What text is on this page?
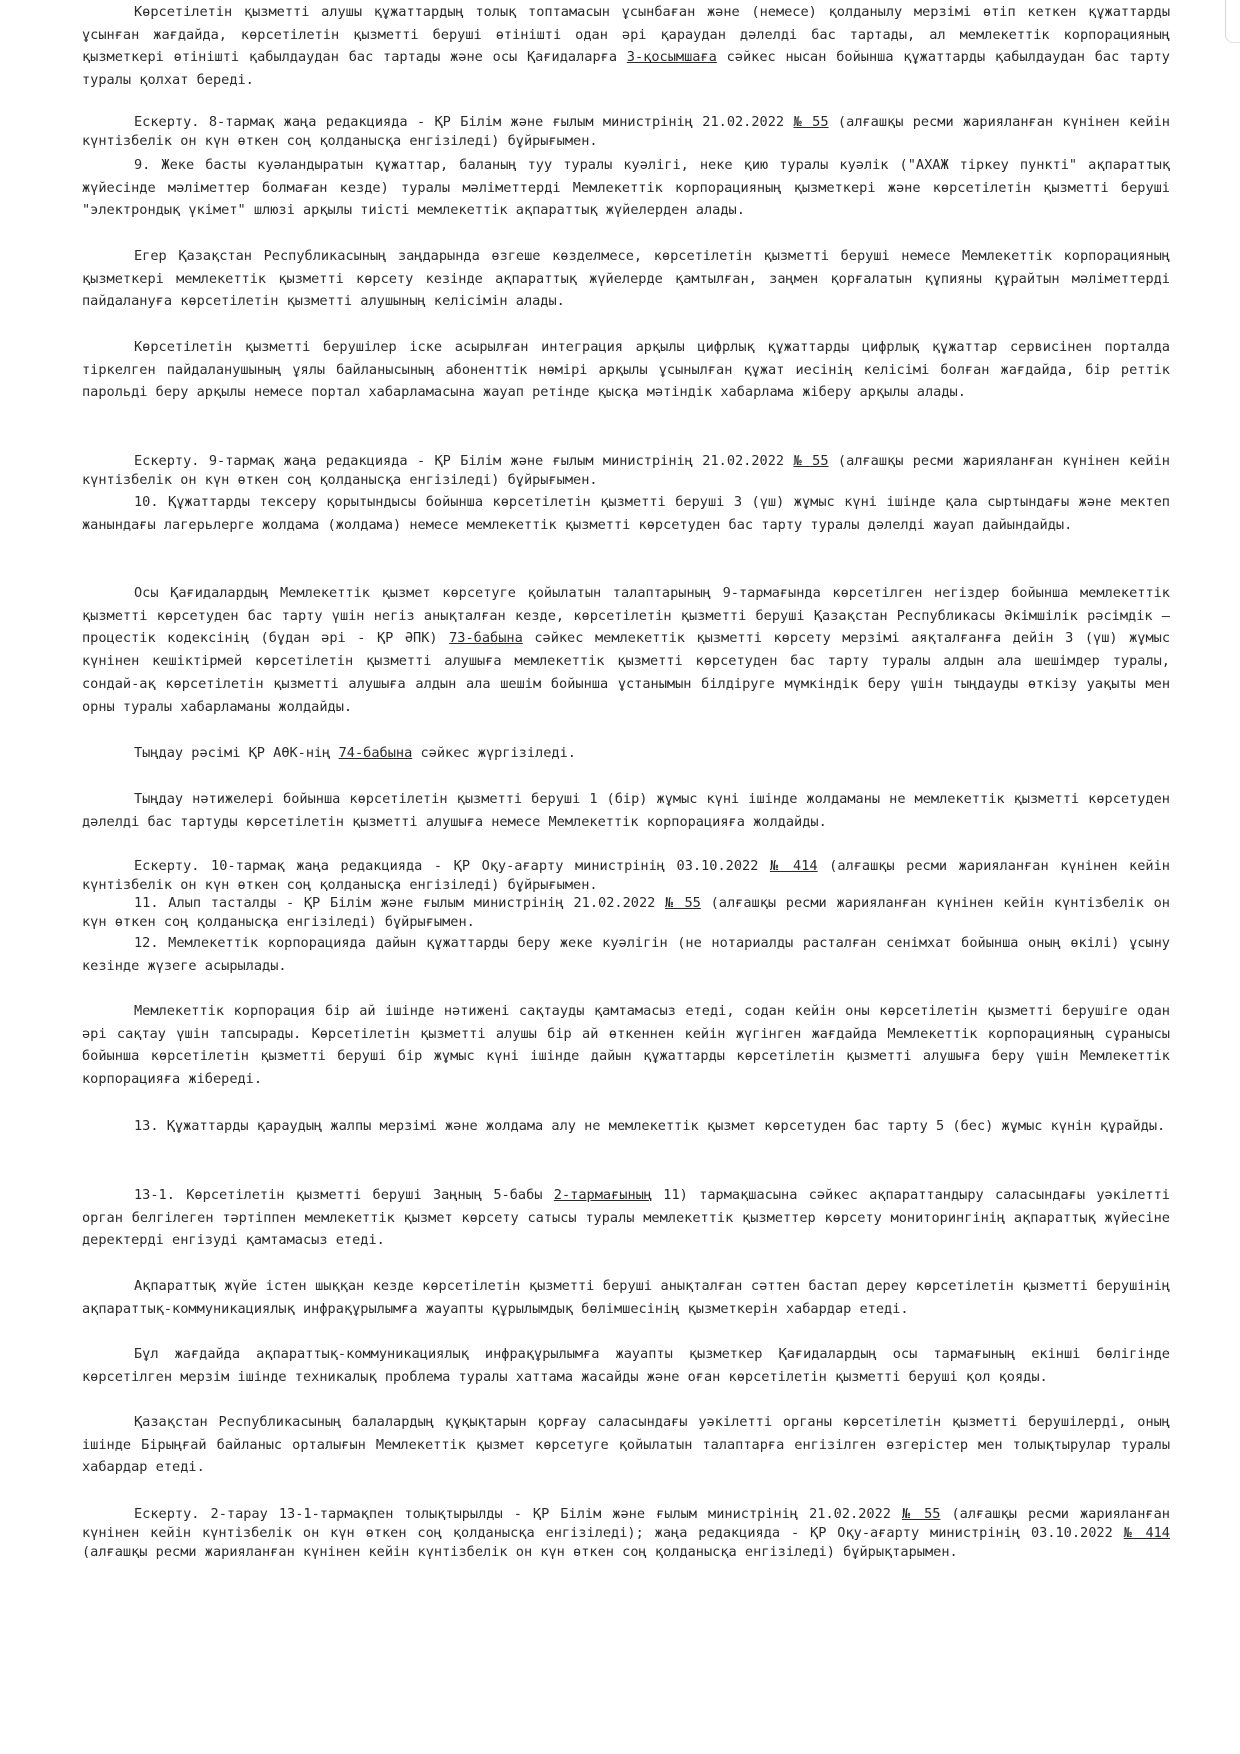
Көрсетілетін қызметті алушы құжаттардың толық топтамасын ұсынбаған және (немесе) қолданылу мерзімі өтіп кеткен құжаттарды ұсынған жағдайда, көрсетілетін қызметті беруші өтінішті одан әрі қараудан дәлелді бас тартады, ал мемлекеттік корпорацияның қызметкері өтінішті қабылдаудан бас тартады және осы Қағидаларға 3-қосымшаға сәйкес нысан бойынша құжаттарды қабылдаудан бас тарту туралы қолхат береді.

Ескерту. 8-тармақ жаңа редакцияда - ҚР Білім және ғылым министрінің 21.02.2022 № 55 (алғашқы ресми жарияланған күнінен кейін күнтізбелік он күн өткен соң қолданысқа енгізіледі) бұйрығымен.

9. Жеке басты куәландыратын құжаттар, баланың туу туралы куәлігі, неке қию туралы куәлік ("АХАЖ тіркеу пункті" ақпараттық жүйесінде мәліметтер болмаған кезде) туралы мәліметтерді Мемлекеттік корпорацияның қызметкері және көрсетілетін қызметті беруші "электрондық үкімет" шлюзі арқылы тиісті мемлекеттік ақпараттық жүйелерден алады.

Егер Қазақстан Республикасының заңдарында өзгеше көзделмесе, көрсетілетін қызметті беруші немесе Мемлекеттік корпорацияның қызметкері мемлекеттік қызметті көрсету кезінде ақпараттық жүйелерде қамтылған, заңмен қорғалатын құпияны құрайтын мәліметтерді пайдалануға көрсетілетін қызметті алушының келісімін алады.

Көрсетілетін қызметті берушілер іске асырылған интеграция арқылы цифрлық құжаттарды цифрлық құжаттар сервисінен порталда тіркелген пайдаланушының ұялы байланысының абоненттік нөмірі арқылы ұсынылған құжат иесінің келісімі болған жағдайда, бір реттік парольді беру арқылы немесе портал хабарламасына жауап ретінде қысқа мәтіндік хабарлама жіберу арқылы алады.

Ескерту. 9-тармақ жаңа редакцияда - ҚР Білім және ғылым министрінің 21.02.2022 № 55 (алғашқы ресми жарияланған күнінен кейін күнтізбелік он күн өткен соң қолданысқа енгізіледі) бұйрығымен.

10. Құжаттарды тексеру қорытындысы бойынша көрсетілетін қызметті беруші 3 (үш) жұмыс күні ішінде қала сыртындағы және мектеп жанындағы лагерьлерге жолдама (жолдама) немесе мемлекеттік қызметті көрсетуден бас тарту туралы дәлелді жауап дайындайды.

Осы Қағидалардың Мемлекеттік қызмет көрсетуге қойылатын талаптарының 9-тармағында көрсетілген негіздер бойынша мемлекеттік қызметті көрсетуден бас тарту үшін негіз анықталған кезде, көрсетілетін қызметті беруші Қазақстан Республикасы Әкімшілік рәсімдік – процестік кодексінің (бұдан әрі - ҚР ӘПК) 73-бабына сәйкес мемлекеттік қызметті көрсету мерзімі аяқталғанға дейін 3 (үш) жұмыс күнінен кешіктірмей көрсетілетін қызметті алушыға мемлекеттік қызметті көрсетуден бас тарту туралы алдын ала шешімдер туралы, сондай-ақ көрсетілетін қызметті алушыға алдын ала шешім бойынша ұстанымын білдіруге мүмкіндік беру үшін тыңдауды өткізу уақыты мен орны туралы хабарламаны жолдайды.

Тыңдау рәсімі ҚР АӨК-нің 74-бабына сәйкес жүргізіледі.

Тыңдау нәтижелері бойынша көрсетілетін қызметті беруші 1 (бір) жұмыс күні ішінде жолдаманы не мемлекеттік қызметті көрсетуден дәлелді бас тартуды көрсетілетін қызметті алушыға немесе Мемлекеттік корпорацияға жолдайды.

Ескерту. 10-тармақ жаңа редакцияда - ҚР Оқу-ағарту министрінің 03.10.2022 № 414 (алғашқы ресми жарияланған күнінен кейін күнтізбелік он күн өткен соң қолданысқа енгізіледі) бұйрығымен.

11. Алып тасталды - ҚР Білім және ғылым министрінің 21.02.2022 № 55 (алғашқы ресми жарияланған күнінен кейін күнтізбелік он күн өткен соң қолданысқа енгізіледі) бұйрығымен.

12. Мемлекеттік корпорацияда дайын құжаттарды беру жеке куәлігін (не нотариалды расталған сенімхат бойынша оның өкілі) ұсыну кезінде жүзеге асырылады.

Мемлекеттік корпорация бір ай ішінде нәтижені сақтауды қамтамасыз етеді, содан кейін оны көрсетілетін қызметті берушіге одан әрі сақтау үшін тапсырады. Көрсетілетін қызметті алушы бір ай өткеннен кейін жүгінген жағдайда Мемлекеттік корпорацияның сұранысы бойынша көрсетілетін қызметті беруші бір жұмыс күні ішінде дайын құжаттарды көрсетілетін қызметті алушыға беру үшін Мемлекеттік корпорацияға жібереді.

13. Құжаттарды қараудың жалпы мерзімі және жолдама алу не мемлекеттік қызмет көрсетуден бас тарту 5 (бес) жұмыс күнін құрайды.

13-1. Көрсетілетін қызметті беруші Заңның 5-бабы 2-тармағының 11) тармақшасына сәйкес ақпараттандыру саласындағы уәкілетті орган белгілеген тәртіппен мемлекеттік қызмет көрсету сатысы туралы мемлекеттік қызметтер көрсету мониторингінің ақпараттық жүйесіне деректерді енгізуді қамтамасыз етеді.

Ақпараттық жүйе істен шыққан кезде көрсетілетін қызметті беруші анықталған сәттен бастап дереу көрсетілетін қызметті берушінің ақпараттық-коммуникациялық инфрақұрылымға жауапты құрылымдық бөлімшесінің қызметкерін хабардар етеді.

Бұл жағдайда ақпараттық-коммуникациялық инфрақұрылымға жауапты қызметкер Қағидалардың осы тармағының екінші бөлігінде көрсетілген мерзім ішінде техникалық проблема туралы хаттама жасайды және оған көрсетілетін қызметті беруші қол қояды.

Қазақстан Республикасының балалардың құқықтарын қорғау саласындағы уәкілетті органы көрсетілетін қызметті берушілерді, оның ішінде Бірыңғай байланыс орталығын Мемлекеттік қызмет көрсетуге қойылатын талаптарға енгізілген өзгерістер мен толықтырулар туралы хабардар етеді.

Ескерту. 2-тарау 13-1-тармақпен толықтырылды - ҚР Білім және ғылым министрінің 21.02.2022 № 55 (алғашқы ресми жарияланған күнінен кейін күнтізбелік он күн өткен соң қолданысқа енгізіледі); жаңа редакцияда - ҚР Оқу-ағарту министрінің 03.10.2022 № 414 (алғашқы ресми жарияланған күнінен кейін күнтізбелік он күн өткен соң қолданысқа енгізіледі) бұйрықтарымен.
